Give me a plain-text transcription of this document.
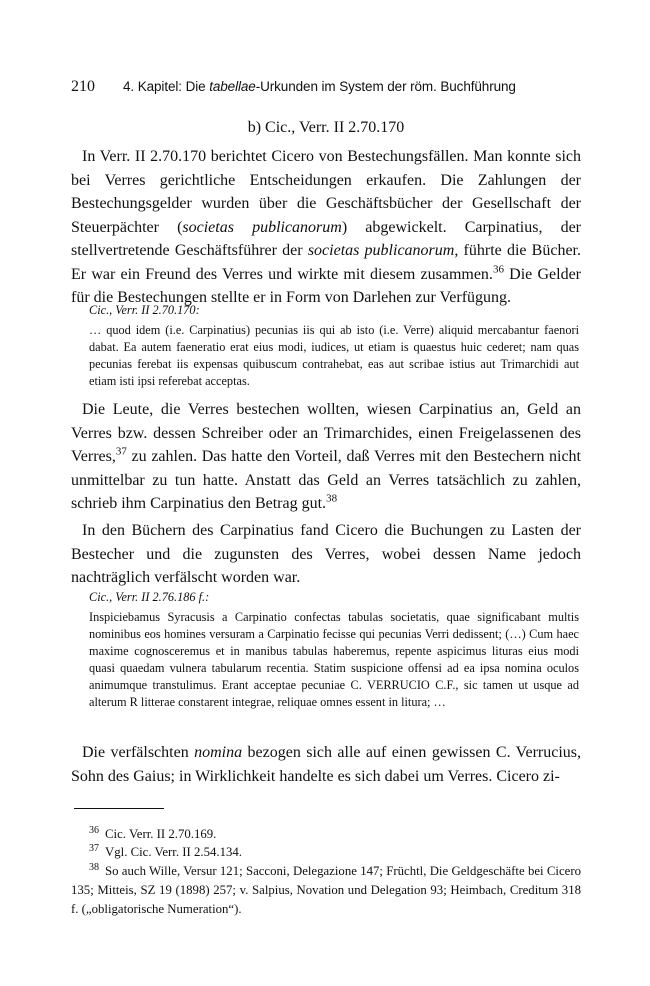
210 4. Kapitel: Die tabellae-Urkunden im System der röm. Buchführung
b) Cic., Verr. II 2.70.170
In Verr. II 2.70.170 berichtet Cicero von Bestechungsfällen. Man konnte sich bei Verres gerichtliche Entscheidungen erkaufen. Die Zahlungen der Bestechungsgelder wurden über die Geschäftsbücher der Gesellschaft der Steuerpächter (societas publicanorum) abgewickelt. Carpinatius, der stellvertretende Geschäftsführer der societas publicanorum, führte die Bücher. Er war ein Freund des Verres und wirkte mit diesem zusammen.$^{36}$ Die Gelder für die Bestechungen stellte er in Form von Darlehen zur Verfügung.
Cic., Verr. II 2.70.170:
… quod idem (i.e. Carpinatius) pecunias iis qui ab isto (i.e. Verre) aliquid mercabantur faenori dabat. Ea autem faeneratio erat eius modi, iudices, ut etiam is quaestus huic cederet; nam quas pecunias ferebat iis expensas quibuscum contrahebat, eas aut scribae istius aut Trimarchidi aut etiam isti ipsi referebat acceptas.
Die Leute, die Verres bestechen wollten, wiesen Carpinatius an, Geld an Verres bzw. dessen Schreiber oder an Trimarchides, einen Freigelassenen des Verres,$^{37}$ zu zahlen. Das hatte den Vorteil, daß Verres mit den Bestechern nicht unmittelbar zu tun hatte. Anstatt das Geld an Verres tatsächlich zu zahlen, schrieb ihm Carpinatius den Betrag gut.$^{38}$
In den Büchern des Carpinatius fand Cicero die Buchungen zu Lasten der Bestecher und die zugunsten des Verres, wobei dessen Name jedoch nachträglich verfälscht worden war.
Cic., Verr. II 2.76.186 f.:
Inspiciebamus Syracusis a Carpinatio confectas tabulas societatis, quae significabant multis nominibus eos homines versuram a Carpinatio fecisse qui pecunias Verri dedissent; (…) Cum haec maxime cognosceremus et in manibus tabulas haberemus, repente aspicimus lituras eius modi quasi quaedam vulnera tabularum recentia. Statim suspicione offensi ad ea ipsa nomina oculos animumque transtulimus. Erant acceptae pecuniae C. VERRUCIO C.F., sic tamen ut usque ad alterum R litterae constarent integrae, reliquae omnes essent in litura; …
Die verfälschten nomina bezogen sich alle auf einen gewissen C. Verrucius, Sohn des Gaius; in Wirklichkeit handelte es sich dabei um Verres. Cicero zi-
$^{36}$ Cic. Verr. II 2.70.169.
$^{37}$ Vgl. Cic. Verr. II 2.54.134.
$^{38}$ So auch Wille, Versur 121; Sacconi, Delegazione 147; Früchtl, Die Geldgeschäfte bei Cicero 135; Mitteis, SZ 19 (1898) 257; v. Salpius, Novation und Delegation 93; Heimbach, Creditum 318 f. („obligatorische Numeration“).
